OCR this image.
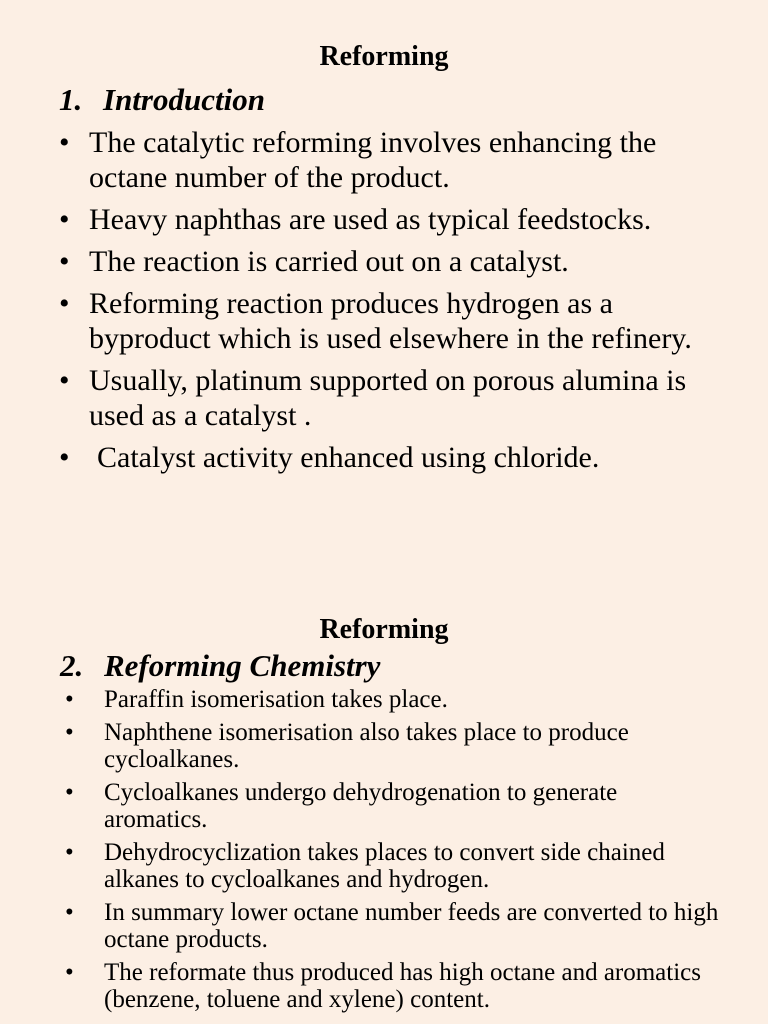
Reforming
1. Introduction
• The catalytic reforming involves enhancing the octane number of the product.
• Heavy naphthas are used as typical feedstocks.
• The reaction is carried out on a catalyst.
• Reforming reaction produces hydrogen as a byproduct which is used elsewhere in the refinery.
• Usually, platinum supported on porous alumina is used as a catalyst .
• Catalyst activity enhanced using chloride.
Reforming
2. Reforming Chemistry
• Paraffin isomerisation takes place.
• Naphthene isomerisation also takes place to produce cycloalkanes.
• Cycloalkanes undergo dehydrogenation to generate aromatics.
• Dehydrocyclization takes places to convert side chained alkanes to cycloalkanes and hydrogen.
• In summary lower octane number feeds are converted to high octane products.
• The reformate thus produced has high octane and aromatics (benzene, toluene and xylene) content.
